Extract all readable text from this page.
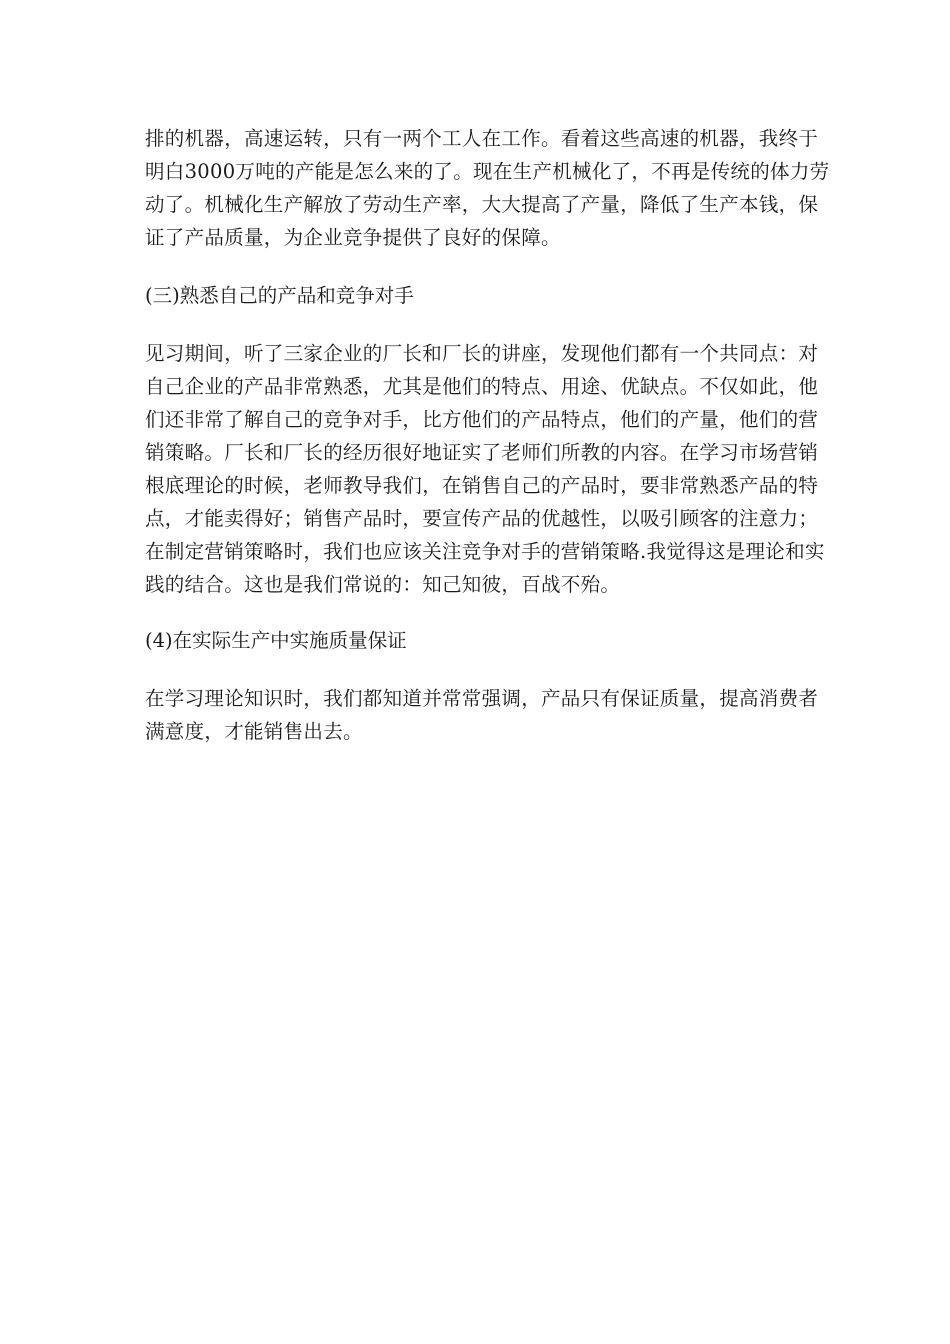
排的机器，高速运转，只有一两个工人在工作。看着这些高速的机器，我终于
明白3000万吨的产能是怎么来的了。现在生产机械化了，不再是传统的体力劳
动了。机械化生产解放了劳动生产率，大大提高了产量，降低了生产本钱，保
证了产品质量，为企业竞争提供了良好的保障。
(三)熟悉自己的产品和竞争对手
见习期间，听了三家企业的厂长和厂长的讲座，发现他们都有一个共同点：对
自己企业的产品非常熟悉，尤其是他们的特点、用途、优缺点。不仅如此，他
们还非常了解自己的竞争对手，比方他们的产品特点，他们的产量，他们的营
销策略。厂长和厂长的经历很好地证实了老师们所教的内容。在学习市场营销
根底理论的时候，老师教导我们，在销售自己的产品时，要非常熟悉产品的特
点，才能卖得好；销售产品时，要宣传产品的优越性，以吸引顾客的注意力；
在制定营销策略时，我们也应该关注竞争对手的营销策略.我觉得这是理论和实
践的结合。这也是我们常说的：知己知彼，百战不殆。
(4)在实际生产中实施质量保证
在学习理论知识时，我们都知道并常常强调，产品只有保证质量，提高消费者
满意度，才能销售出去。
